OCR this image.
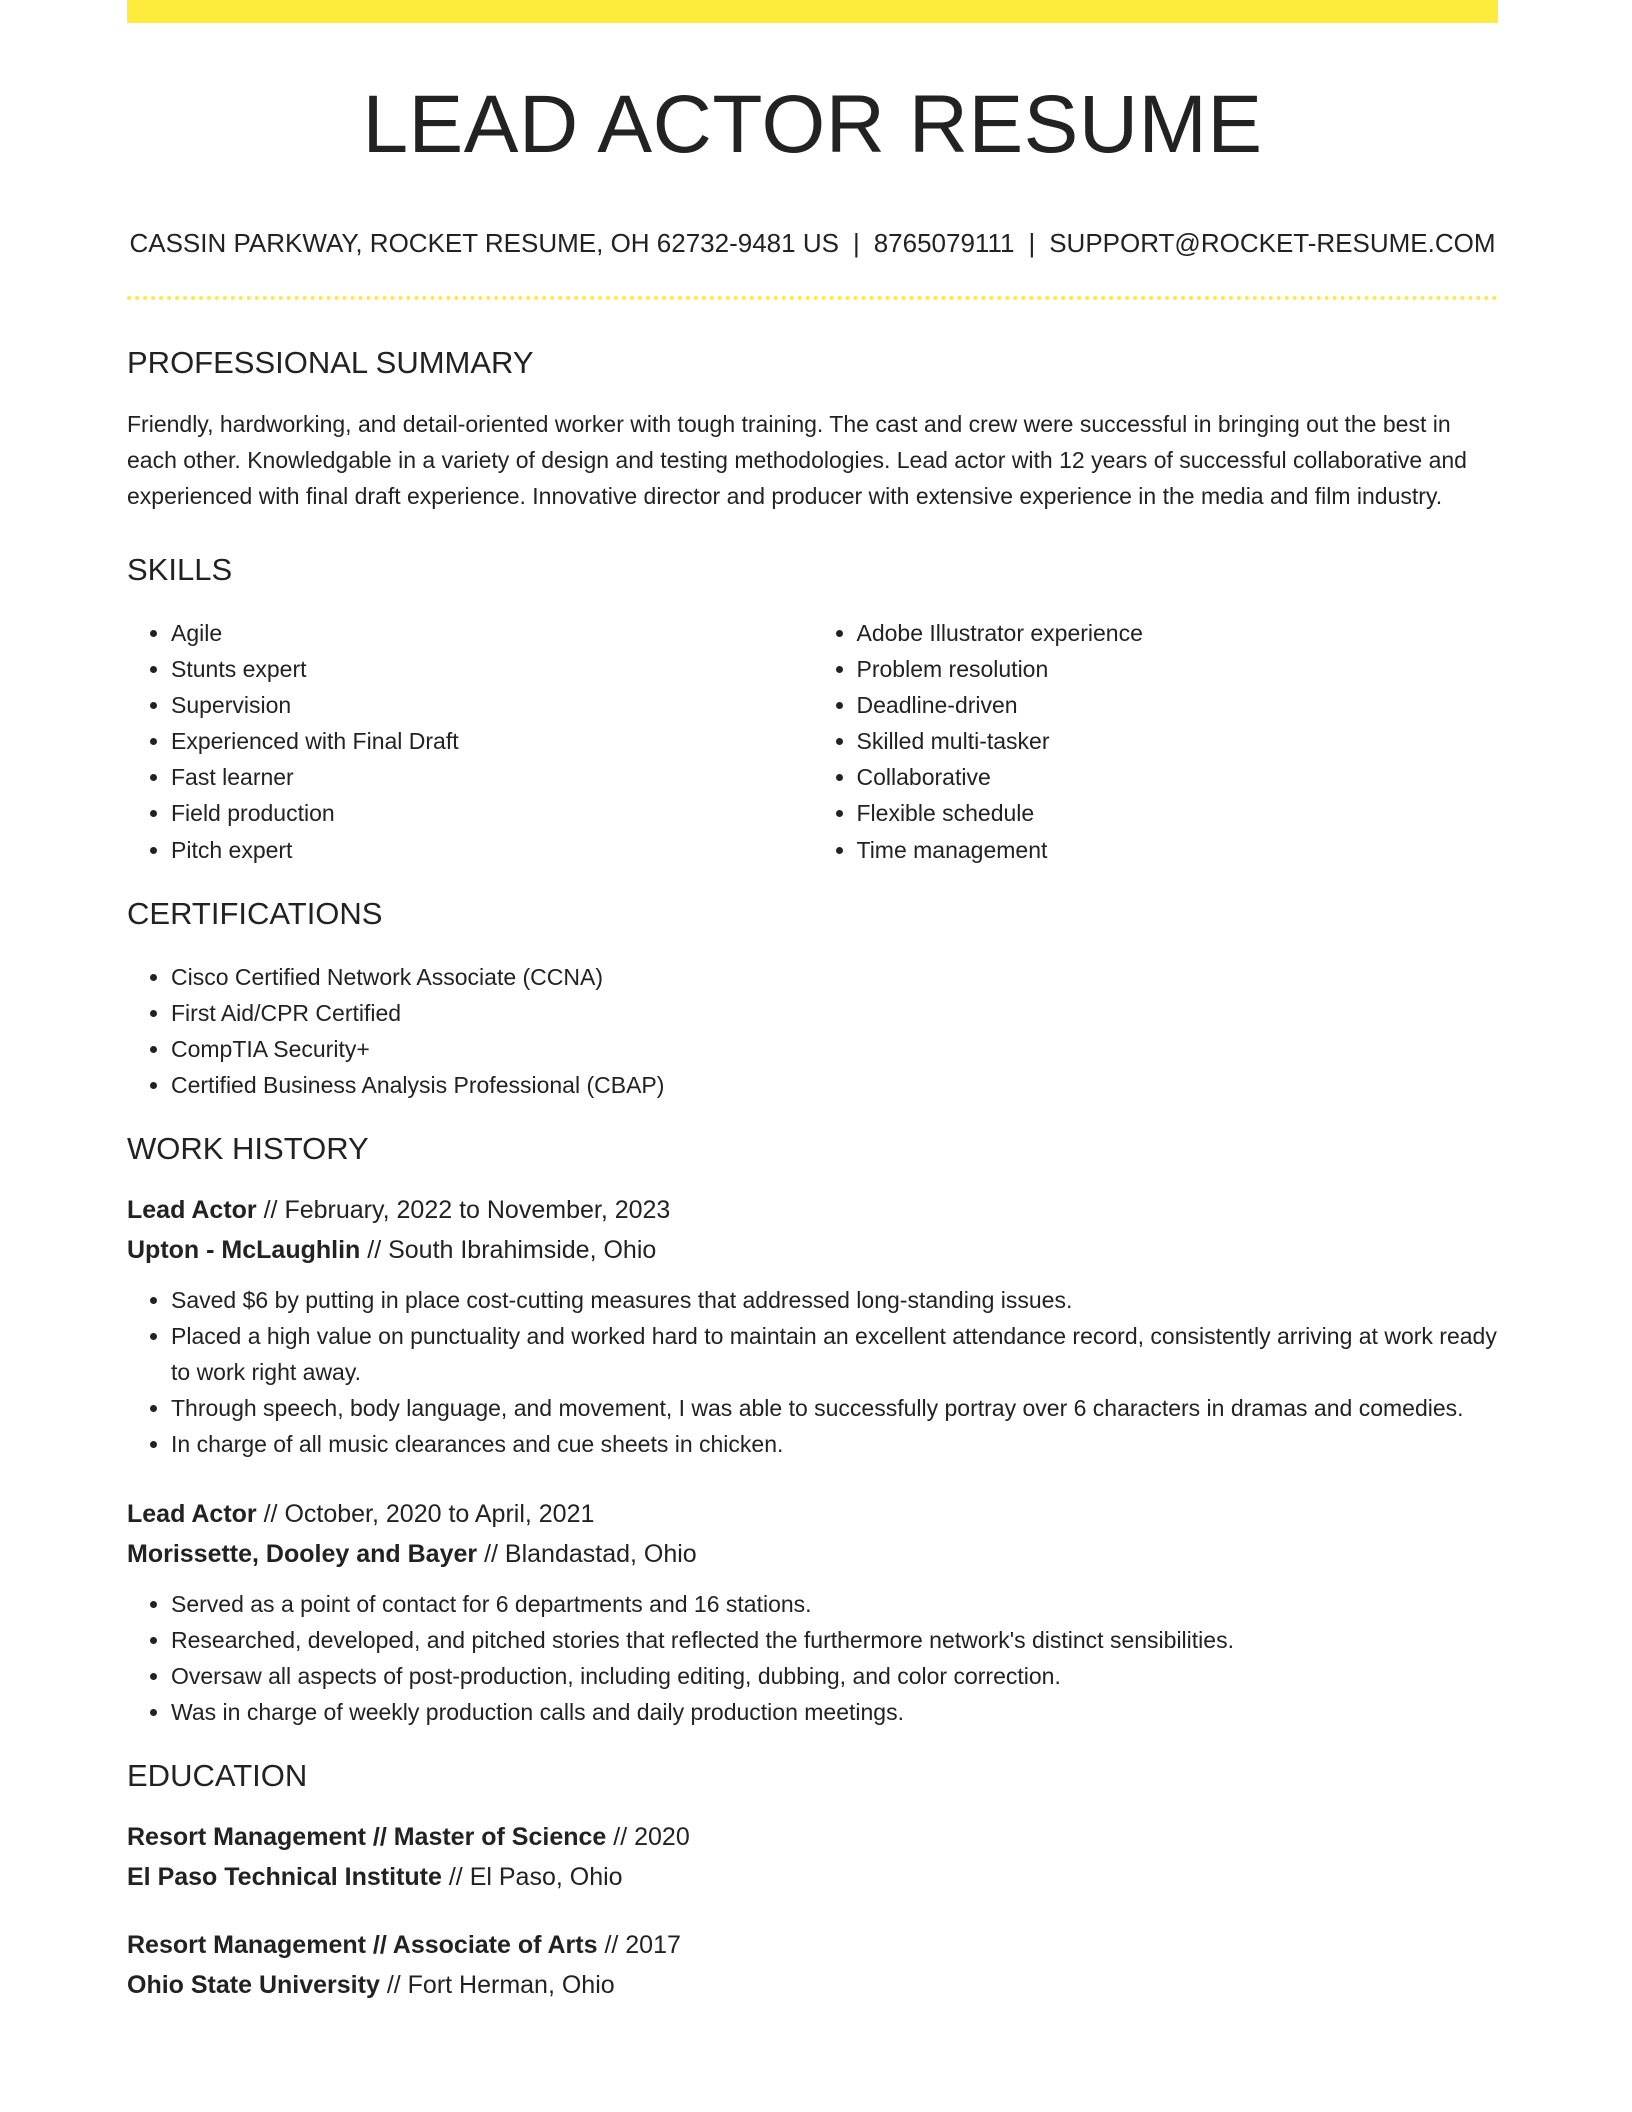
LEAD ACTOR RESUME
CASSIN PARKWAY, ROCKET RESUME, OH 62732-9481 US | 8765079111 | SUPPORT@ROCKET-RESUME.COM
PROFESSIONAL SUMMARY
Friendly, hardworking, and detail-oriented worker with tough training. The cast and crew were successful in bringing out the best in each other. Knowledgable in a variety of design and testing methodologies. Lead actor with 12 years of successful collaborative and experienced with final draft experience. Innovative director and producer with extensive experience in the media and film industry.
SKILLS
• Agile
• Stunts expert
• Supervision
• Experienced with Final Draft
• Fast learner
• Field production
• Pitch expert
• Adobe Illustrator experience
• Problem resolution
• Deadline-driven
• Skilled multi-tasker
• Collaborative
• Flexible schedule
• Time management
CERTIFICATIONS
• Cisco Certified Network Associate (CCNA)
• First Aid/CPR Certified
• CompTIA Security+
• Certified Business Analysis Professional (CBAP)
WORK HISTORY
Lead Actor // February, 2022 to November, 2023
Upton - McLaughlin // South Ibrahimside, Ohio
• Saved $6 by putting in place cost-cutting measures that addressed long-standing issues.
• Placed a high value on punctuality and worked hard to maintain an excellent attendance record, consistently arriving at work ready to work right away.
• Through speech, body language, and movement, I was able to successfully portray over 6 characters in dramas and comedies.
• In charge of all music clearances and cue sheets in chicken.
Lead Actor // October, 2020 to April, 2021
Morissette, Dooley and Bayer // Blandastad, Ohio
• Served as a point of contact for 6 departments and 16 stations.
• Researched, developed, and pitched stories that reflected the furthermore network's distinct sensibilities.
• Oversaw all aspects of post-production, including editing, dubbing, and color correction.
• Was in charge of weekly production calls and daily production meetings.
EDUCATION
Resort Management // Master of Science // 2020
El Paso Technical Institute // El Paso, Ohio
Resort Management // Associate of Arts // 2017
Ohio State University // Fort Herman, Ohio
